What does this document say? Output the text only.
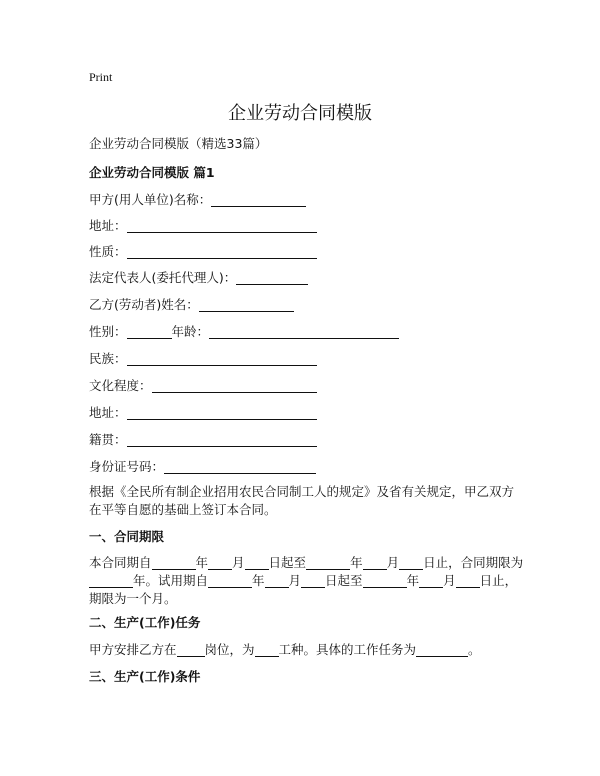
Print
企业劳动合同模版
企业劳动合同模版（精选33篇）
企业劳动合同模版 篇1
甲方(用人单位)名称：
地址：
性质：
法定代表人(委托代理人)：
乙方(劳动者)姓名：
性别：	年龄：
民族：
文化程度：
地址：
籍贯：
身份证号码：
根据《全民所有制企业招用农民合同制工人的规定》及省有关规定，甲乙双方在平等自愿的基础上签订本合同。
一、合同期限
本合同期自	年 月 日起至	年 月 日止，合同期限为
年。试用期自	年 月 日起至	年 月 日止，
期限为一个月。
二、生产(工作)任务
甲方安排乙方在 岗位，为 工种。具体的工作任务为	。
三、生产(工作)条件
